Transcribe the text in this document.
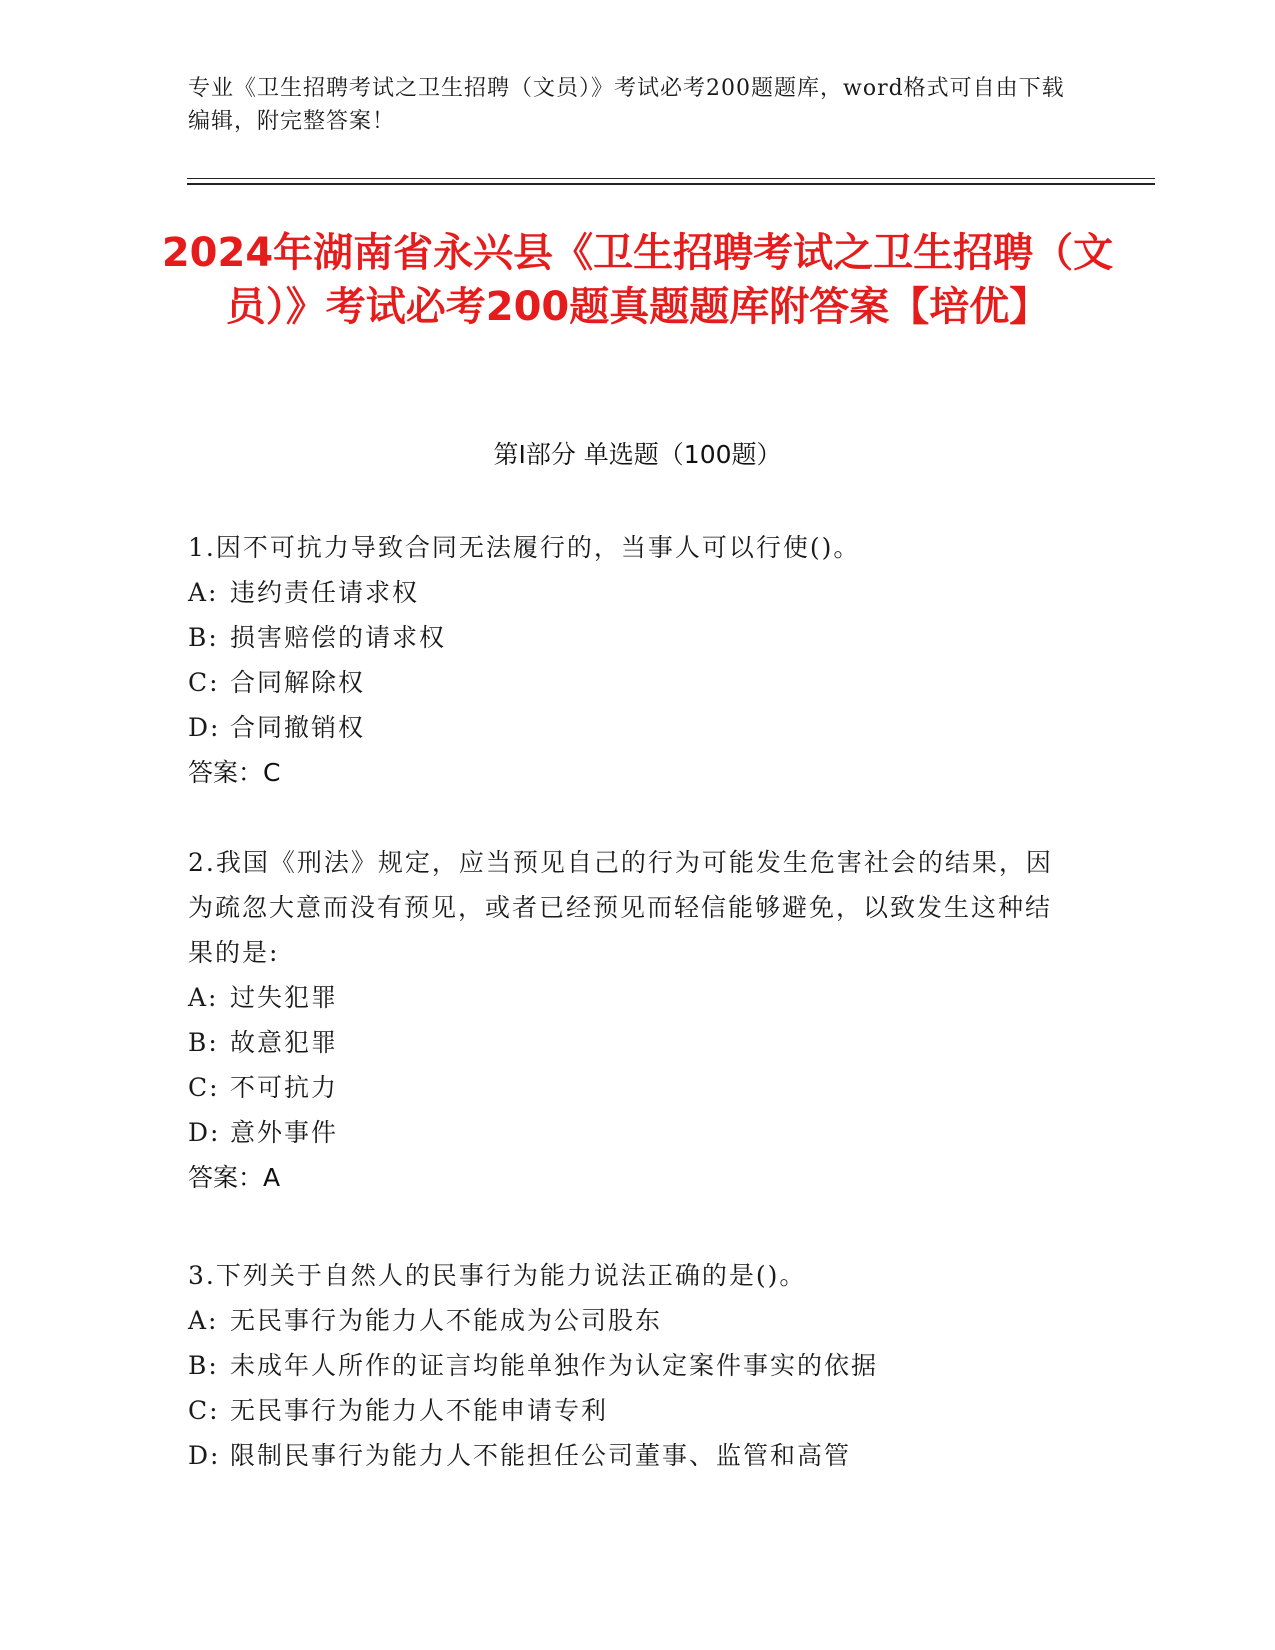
专业《卫生招聘考试之卫生招聘（文员）》考试必考200题题库，word格式可自由下载编辑，附完整答案！
2024年湖南省永兴县《卫生招聘考试之卫生招聘（文员）》考试必考200题真题题库附答案【培优】
第Ⅰ部分 单选题（100题）

1.因不可抗力导致合同无法履行的，当事人可以行使()。

A: 违约责任请求权

B: 损害赔偿的请求权

C: 合同解除权

D: 合同撤销权

答案：C

2.我国《刑法》规定，应当预见自己的行为可能发生危害社会的结果，因为疏忽大意而没有预见，或者已经预见而轻信能够避免，以致发生这种结果的是:

A: 过失犯罪

B: 故意犯罪

C: 不可抗力

D: 意外事件

答案：A

3.下列关于自然人的民事行为能力说法正确的是()。

A: 无民事行为能力人不能成为公司股东

B: 未成年人所作的证言均能单独作为认定案件事实的依据

C: 无民事行为能力人不能申请专利

D: 限制民事行为能力人不能担任公司董事、监管和高管
